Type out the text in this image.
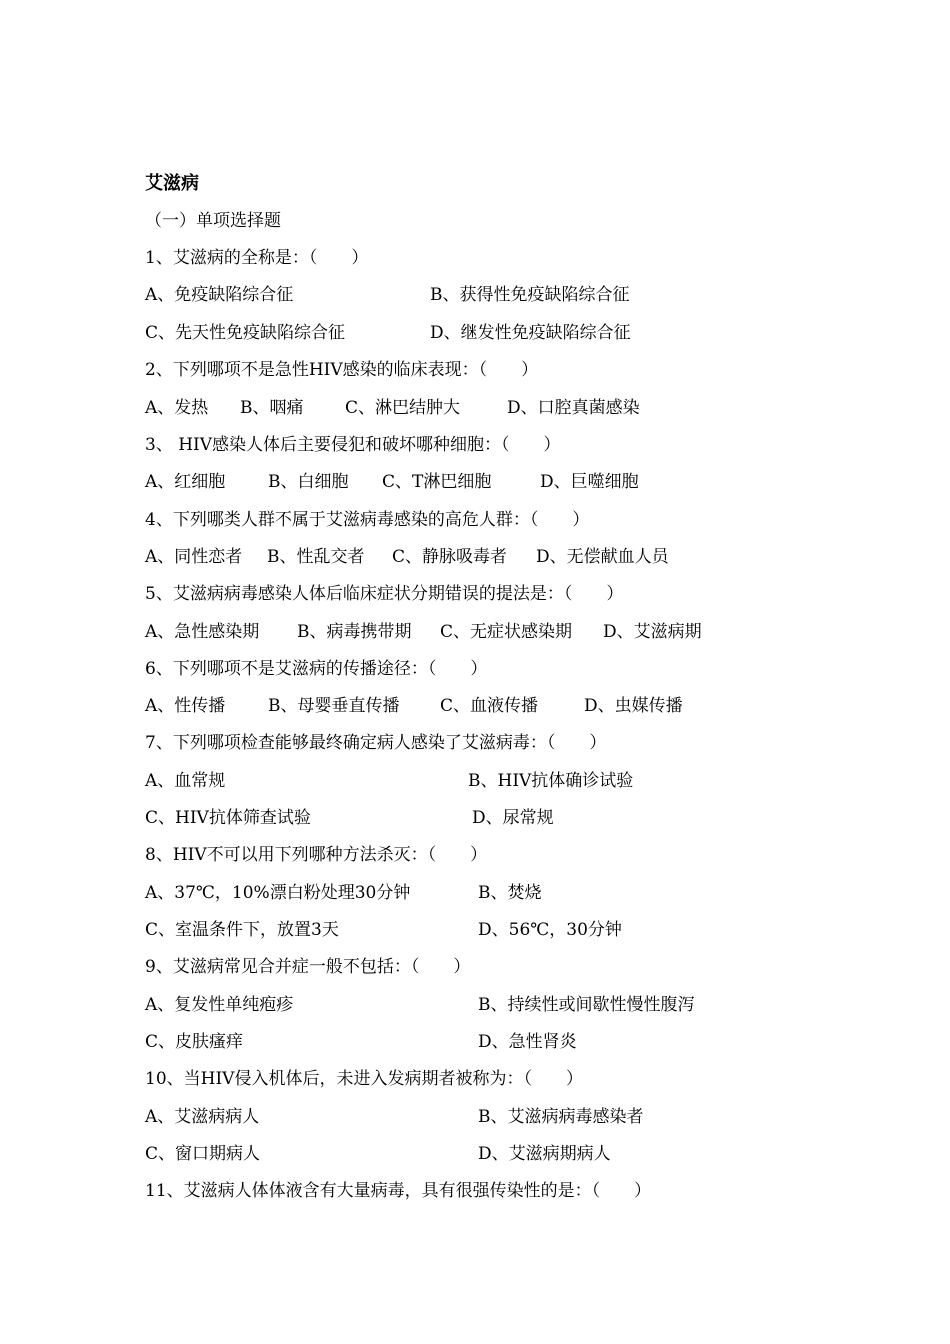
艾滋病
（一）单项选择题
1、艾滋病的全称是：（　　）
A、免疫缺陷综合征	B、获得性免疫缺陷综合征
C、先天性免疫缺陷综合征	D、继发性免疫缺陷综合征
2、下列哪项不是急性HIV感染的临床表现：（　　）
A、发热 B、咽痛 C、淋巴结肿大	D、口腔真菌感染
3、 HIV感染人体后主要侵犯和破坏哪种细胞：（　　）
A、红细胞	B、白细胞 C、T淋巴细胞	D、巨噬细胞
4、下列哪类人群不属于艾滋病毒感染的高危人群：（　　）
A、同性恋者 B、性乱交者 C、静脉吸毒者 D、无偿献血人员
5、艾滋病病毒感染人体后临床症状分期错误的提法是：（　　）
A、急性感染期 B、病毒携带期 C、无症状感染期 D、艾滋病期
6、下列哪项不是艾滋病的传播途径：（　　）
A、性传播	B、母婴垂直传播 C、血液传播	D、虫媒传播
7、下列哪项检查能够最终确定病人感染了艾滋病毒：（　　）
A、血常规	B、HIV抗体确诊试验
C、HIV抗体筛查试验	D、尿常规
8、HIV不可以用下列哪种方法杀灭：（　　）
A、37℃，10%漂白粉处理30分钟	B、焚烧
C、室温条件下，放置3天	D、56℃，30分钟
9、艾滋病常见合并症一般不包括：（　　）
A、复发性单纯疱疹	B、持续性或间歇性慢性腹泻
C、皮肤瘙痒	D、急性肾炎
10、当HIV侵入机体后，未进入发病期者被称为：（　　）
A、艾滋病病人	B、艾滋病病毒感染者
C、窗口期病人	D、艾滋病期病人
11、艾滋病人体体液含有大量病毒，具有很强传染性的是：（　　）
